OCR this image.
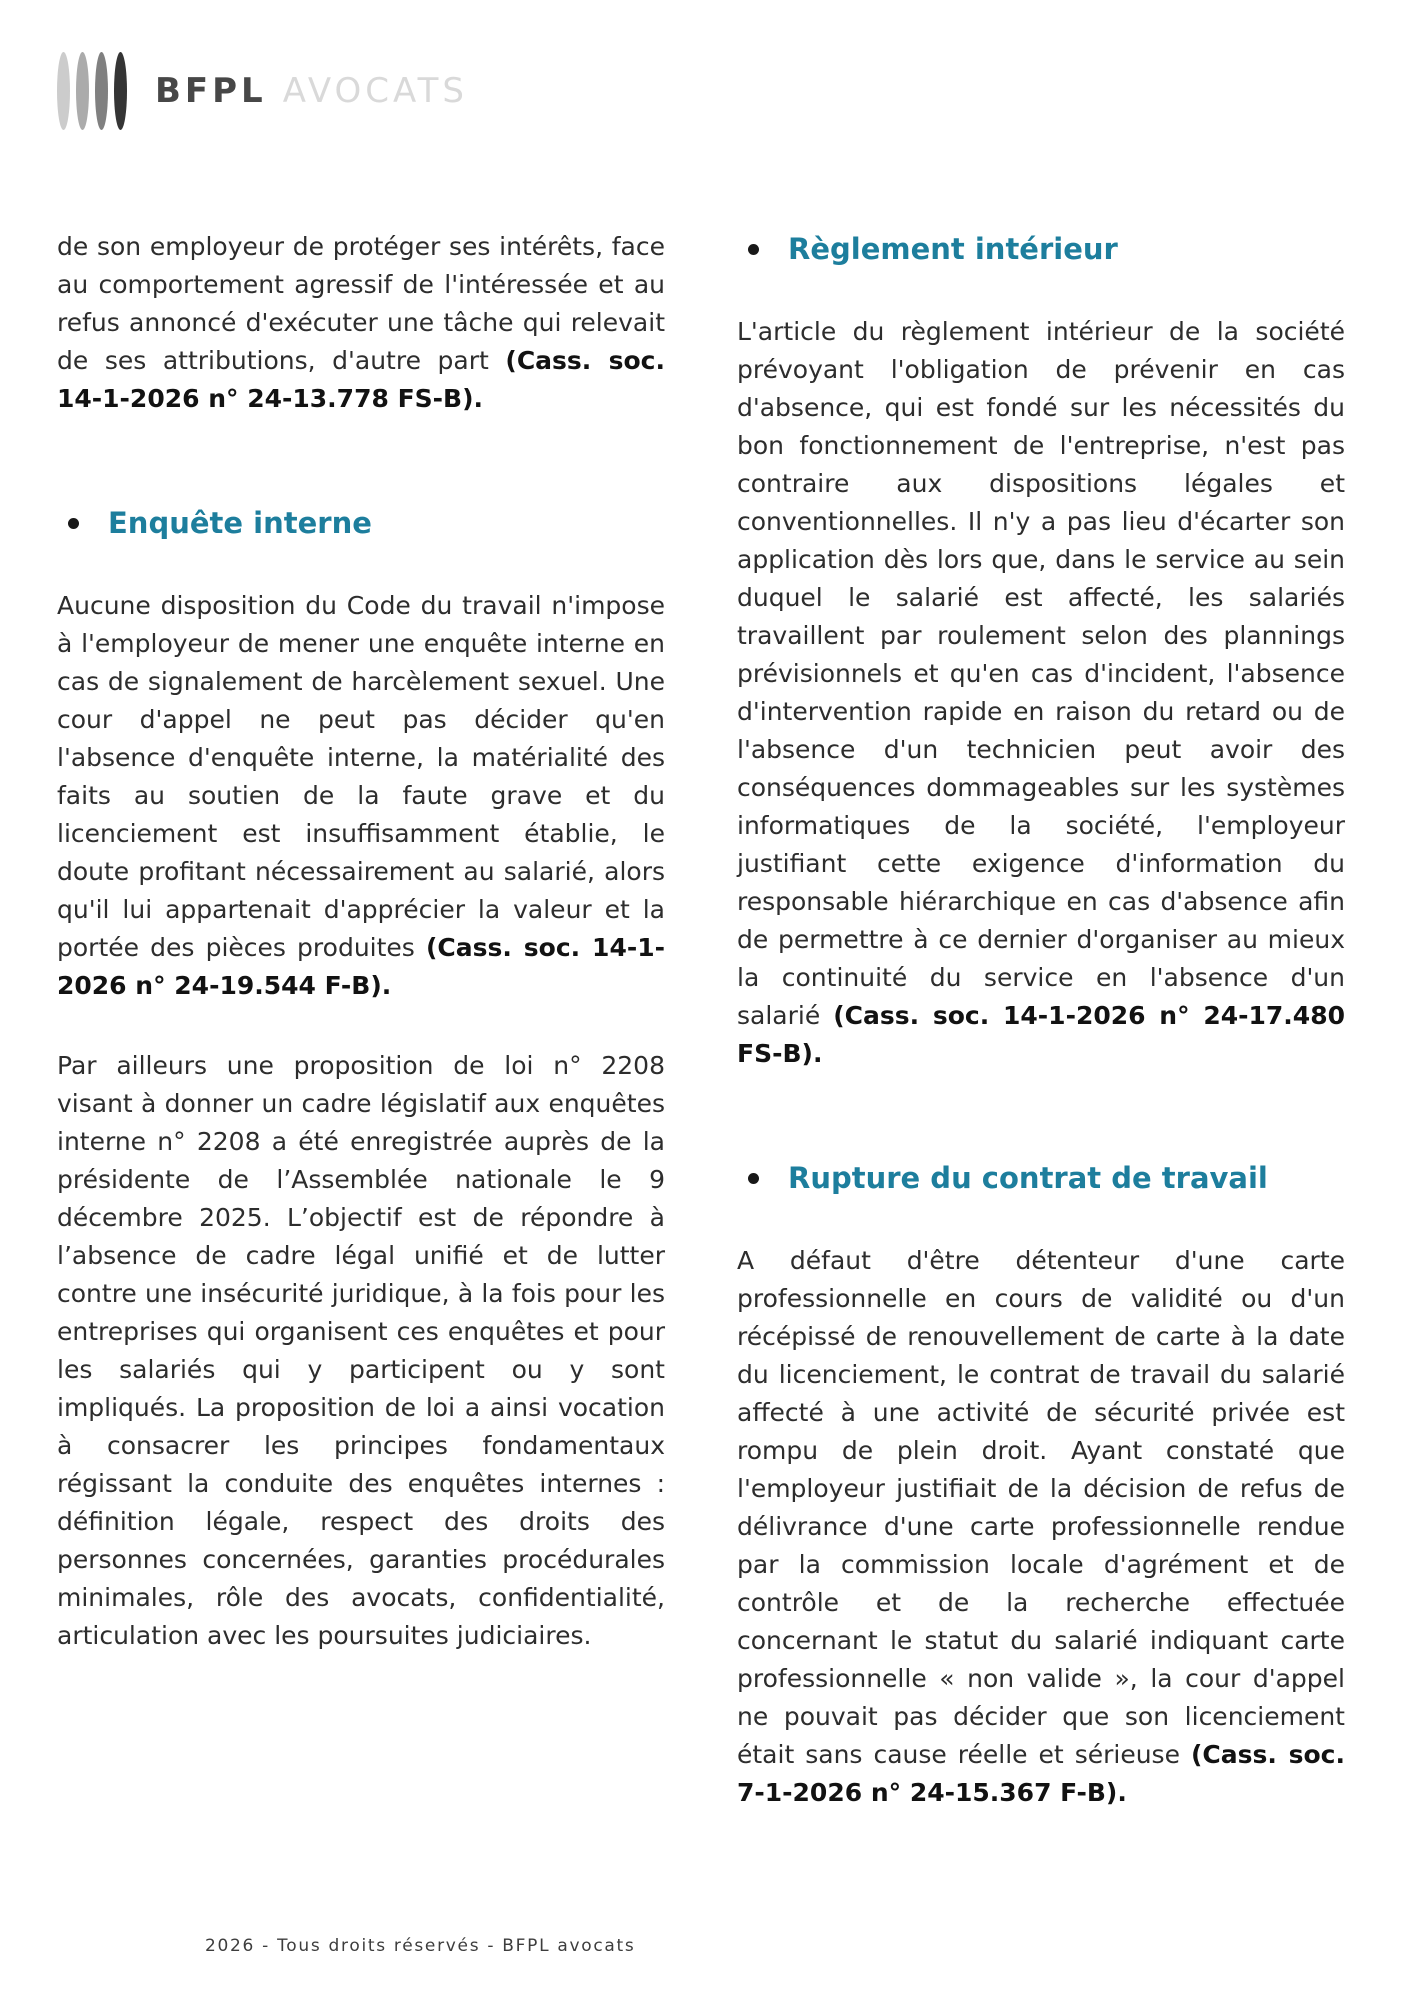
BFPL AVOCATS

de son employeur de protéger ses intérêts, face au comportement agressif de l'intéressée et au refus annoncé d'exécuter une tâche qui relevait de ses attributions, d'autre part (Cass. soc. 14-1-2026 n° 24-13.778 FS-B).

Enquête interne

Aucune disposition du Code du travail n'impose à l'employeur de mener une enquête interne en cas de signalement de harcèlement sexuel. Une cour d'appel ne peut pas décider qu'en l'absence d'enquête interne, la matérialité des faits au soutien de la faute grave et du licenciement est insuffisamment établie, le doute profitant nécessairement au salarié, alors qu'il lui appartenait d'apprécier la valeur et la portée des pièces produites (Cass. soc. 14-1-2026 n° 24-19.544 F-B).

Par ailleurs une proposition de loi n° 2208 visant à donner un cadre législatif aux enquêtes interne n° 2208 a été enregistrée auprès de la présidente de l’Assemblée nationale le 9 décembre 2025. L’objectif est de répondre à l’absence de cadre légal unifié et de lutter contre une insécurité juridique, à la fois pour les entreprises qui organisent ces enquêtes et pour les salariés qui y participent ou y sont impliqués. La proposition de loi a ainsi vocation à consacrer les principes fondamentaux régissant la conduite des enquêtes internes : définition légale, respect des droits des personnes concernées, garanties procédurales minimales, rôle des avocats, confidentialité, articulation avec les poursuites judiciaires.

Règlement intérieur

L'article du règlement intérieur de la société prévoyant l'obligation de prévenir en cas d'absence, qui est fondé sur les nécessités du bon fonctionnement de l'entreprise, n'est pas contraire aux dispositions légales et conventionnelles. Il n'y a pas lieu d'écarter son application dès lors que, dans le service au sein duquel le salarié est affecté, les salariés travaillent par roulement selon des plannings prévisionnels et qu'en cas d'incident, l'absence d'intervention rapide en raison du retard ou de l'absence d'un technicien peut avoir des conséquences dommageables sur les systèmes informatiques de la société, l'employeur justifiant cette exigence d'information du responsable hiérarchique en cas d'absence afin de permettre à ce dernier d'organiser au mieux la continuité du service en l'absence d'un salarié (Cass. soc. 14-1-2026 n° 24-17.480 FS-B).

Rupture du contrat de travail

A défaut d'être détenteur d'une carte professionnelle en cours de validité ou d'un récépissé de renouvellement de carte à la date du licenciement, le contrat de travail du salarié affecté à une activité de sécurité privée est rompu de plein droit. Ayant constaté que l'employeur justifiait de la décision de refus de délivrance d'une carte professionnelle rendue par la commission locale d'agrément et de contrôle et de la recherche effectuée concernant le statut du salarié indiquant carte professionnelle « non valide », la cour d'appel ne pouvait pas décider que son licenciement était sans cause réelle et sérieuse (Cass. soc. 7-1-2026 n° 24-15.367 F-B).

2026 - Tous droits réservés - BFPL avocats
